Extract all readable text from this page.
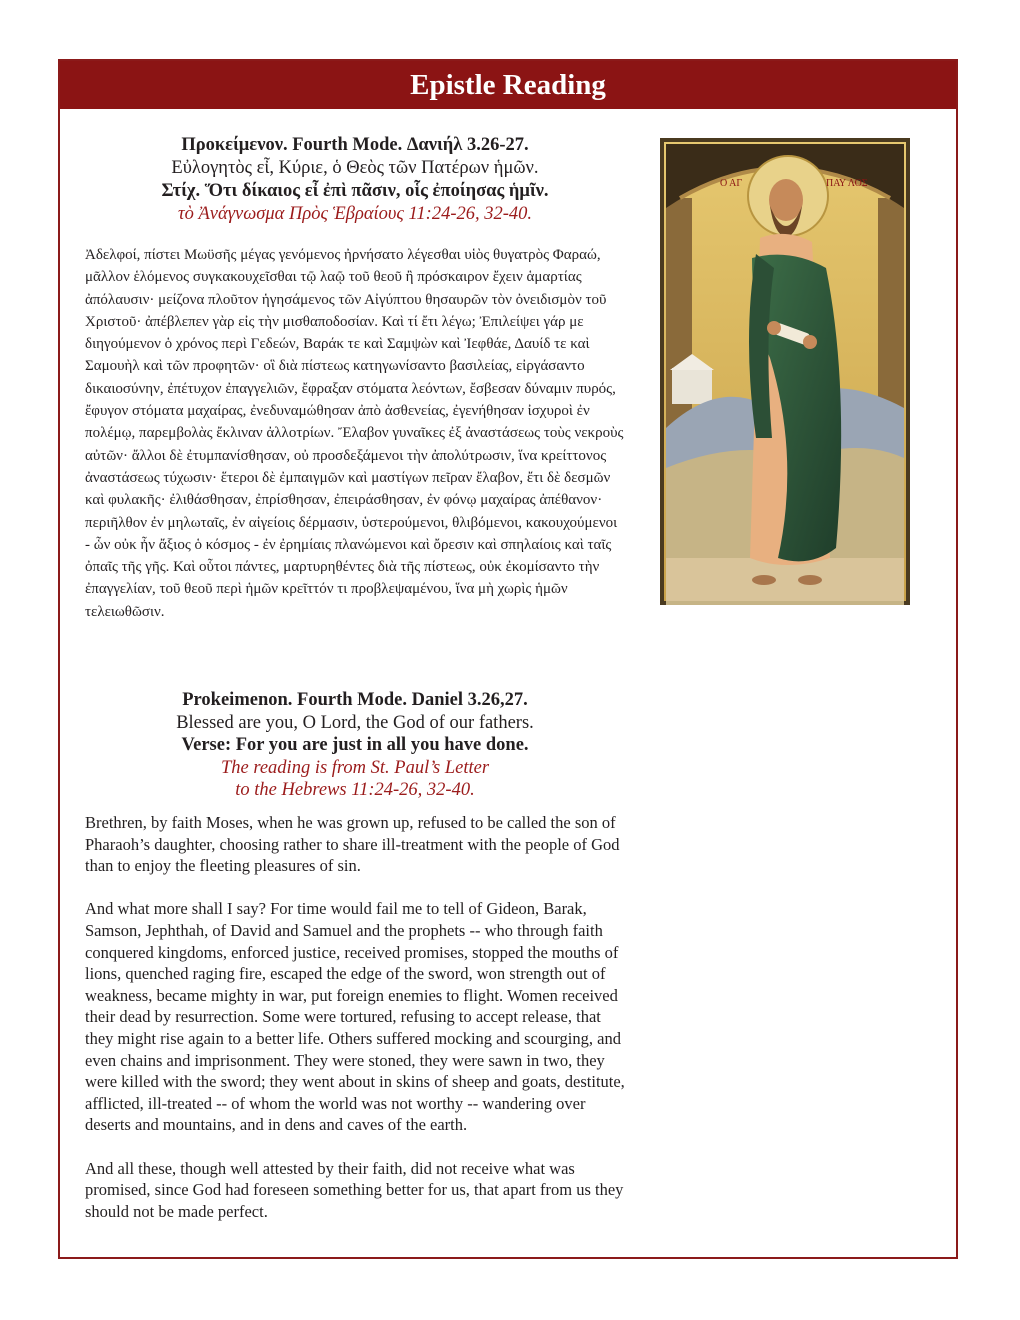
Epistle Reading
Ο ΑΓ	ΠΑΥ ΛΟΣ
Προκείμενον. Fourth Mode. Δανιήλ 3.26-27.
Εὐλογητὸς εἶ, Κύριε, ὁ Θεὸς τῶν Πατέρων ἡμῶν.
Στίχ. Ὅτι δίκαιος εἶ ἐπὶ πᾶσιν, οἷς ἐποίησας ἡμῖν.
τὸ Ἀνάγνωσμα Πρὸς Ἑβραίους 11:24-26, 32-40.

Ἀδελφοί, πίστει Μωϋσῆς μέγας γενόμενος ἠρνήσατο λέγεσθαι υἱὸς θυγατρὸς Φαραώ, μᾶλλον ἑλόμενος συγκακουχεῖσθαι τῷ λαῷ τοῦ θεοῦ ἢ πρόσκαιρον ἔχειν ἁμαρτίας ἀπόλαυσιν· μείζονα πλοῦτον ἡγησάμενος τῶν Αἰγύπτου θησαυρῶν τὸν ὀνειδισμὸν τοῦ Χριστοῦ· ἀπέβλεπεν γὰρ εἰς τὴν μισθαποδοσίαν. Καὶ τί ἔτι λέγω; Ἐπιλείψει γάρ με διηγούμενον ὁ χρόνος περὶ Γεδεών, Βαράκ τε καὶ Σαμψὼν καὶ Ἰεφθάε, Δαυίδ τε καὶ Σαμουὴλ καὶ τῶν προφητῶν· οἳ διὰ πίστεως κατηγωνίσαντο βασιλείας, εἰργάσαντο δικαιοσύνην, ἐπέτυχον ἐπαγγελιῶν, ἔφραξαν στόματα λεόντων, ἔσβεσαν δύναμιν πυρός, ἔφυγον στόματα μαχαίρας, ἐνεδυναμώθησαν ἀπὸ ἀσθενείας, ἐγενήθησαν ἰσχυροὶ ἐν πολέμῳ, παρεμβολὰς ἔκλιναν ἀλλοτρίων. Ἔλαβον γυναῖκες ἐξ ἀναστάσεως τοὺς νεκροὺς αὐτῶν· ἄλλοι δὲ ἐτυμπανίσθησαν, οὐ προσδεξάμενοι τὴν ἀπολύτρωσιν, ἵνα κρείττονος ἀναστάσεως τύχωσιν· ἕτεροι δὲ ἐμπαιγμῶν καὶ μαστίγων πεῖραν ἔλαβον, ἔτι δὲ δεσμῶν καὶ φυλακῆς· ἐλιθάσθησαν, ἐπρίσθησαν, ἐπειράσθησαν, ἐν φόνῳ μαχαίρας ἀπέθανον· περιῆλθον ἐν μηλωταῖς, ἐν αἰγείοις δέρμασιν, ὑστερούμενοι, θλιβόμενοι, κακουχούμενοι - ὧν οὐκ ἦν ἄξιος ὁ κόσμος - ἐν ἐρημίαις πλανώμενοι καὶ ὄρεσιν καὶ σπηλαίοις καὶ ταῖς ὀπαῖς τῆς γῆς. Καὶ οὗτοι πάντες, μαρτυρηθέντες διὰ τῆς πίστεως, οὐκ ἐκομίσαντο τὴν ἐπαγγελίαν, τοῦ θεοῦ περὶ ἡμῶν κρεῖττόν τι προβλεψαμένου, ἵνα μὴ χωρὶς ἡμῶν τελειωθῶσιν.

Prokeimenon. Fourth Mode. Daniel 3.26,27.
Blessed are you, O Lord, the God of our fathers.
Verse: For you are just in all you have done.
The reading is from St. Paul’s Letter
to the Hebrews 11:24-26, 32-40.

Brethren, by faith Moses, when he was grown up, refused to be called the son of Pharaoh’s daughter, choosing rather to share ill-treatment with the people of God than to enjoy the fleeting pleasures of sin.

And what more shall I say? For time would fail me to tell of Gideon, Barak, Samson, Jephthah, of David and Samuel and the prophets -- who through faith conquered kingdoms, enforced justice, received promises, stopped the mouths of lions, quenched raging fire, escaped the edge of the sword, won strength out of weakness, became mighty in war, put foreign enemies to flight. Women received their dead by resurrection. Some were tortured, refusing to accept release, that they might rise again to a better life. Others suffered mocking and scourging, and even chains and imprisonment. They were stoned, they were sawn in two, they were killed with the sword; they went about in skins of sheep and goats, destitute, afflicted, ill-treated -- of whom the world was not worthy -- wandering over deserts and mountains, and in dens and caves of the earth.

And all these, though well attested by their faith, did not receive what was promised, since God had foreseen something better for us, that apart from us they should not be made perfect.
